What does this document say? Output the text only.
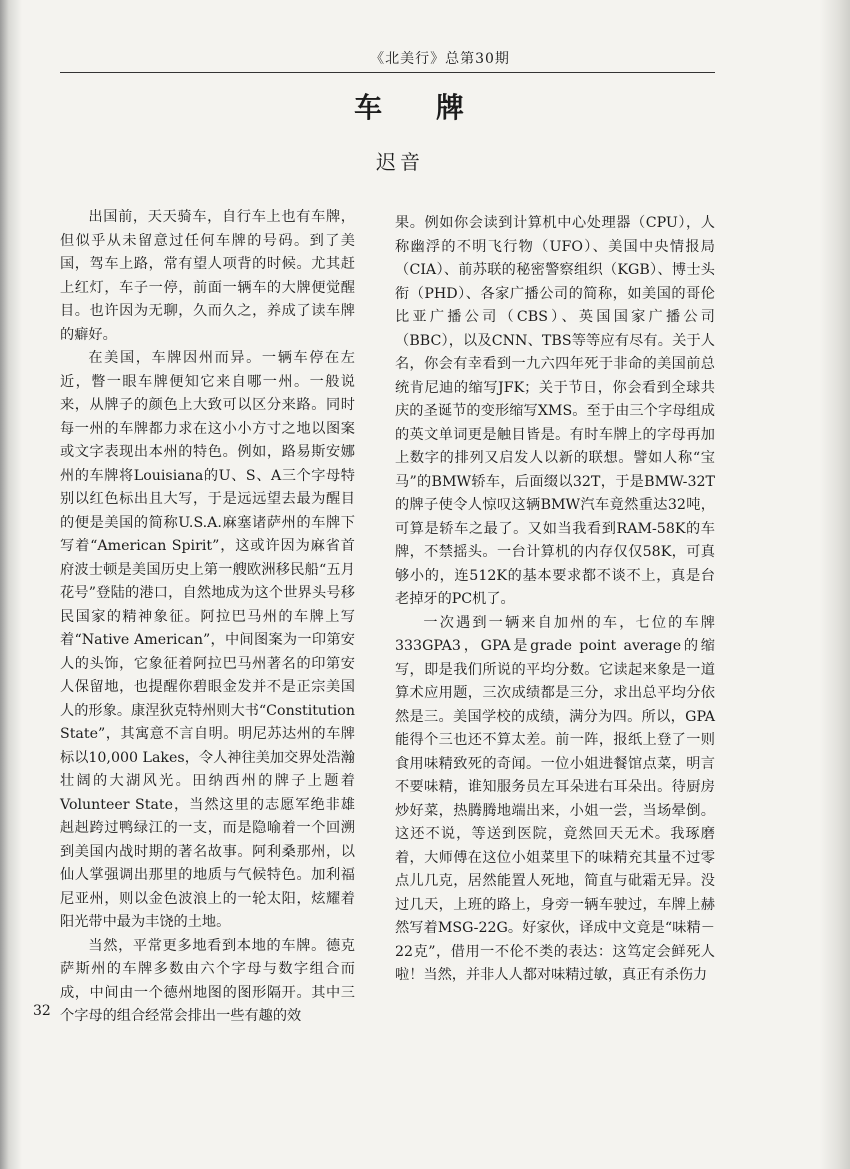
《北美行》总第30期
车 牌
迟音

出国前，天天骑车，自行车上也有车牌，但似乎从未留意过任何车牌的号码。到了美国，驾车上路，常有望人项背的时候。尤其赶上红灯，车子一停，前面一辆车的大牌便觉醒目。也许因为无聊，久而久之，养成了读车牌的癖好。

在美国，车牌因州而异。一辆车停在左近，瞥一眼车牌便知它来自哪一州。一般说来，从牌子的颜色上大致可以区分来路。同时每一州的车牌都力求在这小小方寸之地以图案或文字表现出本州的特色。例如，路易斯安娜州的车牌将Louisiana的U、S、A三个字母特别以红色标出且大写，于是远远望去最为醒目的便是美国的简称U.S.A.麻塞诸萨州的车牌下写着“American Spirit”，这或许因为麻省首府波士顿是美国历史上第一艘欧洲移民船“五月花号”登陆的港口，自然地成为这个世界头号移民国家的精神象征。阿拉巴马州的车牌上写着“Native American”，中间图案为一印第安人的头饰，它象征着阿拉巴马州著名的印第安人保留地，也提醒你碧眼金发并不是正宗美国人的形象。康涅狄克特州则大书“Constitution State”，其寓意不言自明。明尼苏达州的车牌标以10,000 Lakes，令人神往美加交界处浩瀚壮阔的大湖风光。田纳西州的牌子上题着Volunteer State，当然这里的志愿军绝非雄赳赳跨过鸭绿江的一支，而是隐喻着一个回溯到美国内战时期的著名故事。阿利桑那州，以仙人掌强调出那里的地质与气候特色。加利福尼亚州，则以金色波浪上的一轮太阳，炫耀着阳光带中最为丰饶的土地。

当然，平常更多地看到本地的车牌。德克萨斯州的车牌多数由六个字母与数字组合而成，中间由一个德州地图的图形隔开。其中三个字母的组合经常会排出一些有趣的效

果。例如你会读到计算机中心处理器（CPU），人称幽浮的不明飞行物（UFO）、美国中央情报局（CIA）、前苏联的秘密警察组织（KGB）、博士头衔（PHD）、各家广播公司的简称，如美国的哥伦比亚广播公司（CBS）、英国国家广播公司（BBC），以及CNN、TBS等等应有尽有。关于人名，你会有幸看到一九六四年死于非命的美国前总统肯尼迪的缩写JFK；关于节日，你会看到全球共庆的圣诞节的变形缩写XMS。至于由三个字母组成的英文单词更是触目皆是。有时车牌上的字母再加上数字的排列又启发人以新的联想。譬如人称“宝马”的BMW轿车，后面缀以32T，于是BMW-32T的牌子使令人惊叹这辆BMW汽车竟然重达32吨，可算是轿车之最了。又如当我看到RAM-58K的车牌，不禁摇头。一台计算机的内存仅仅58K，可真够小的，连512K的基本要求都不谈不上，真是台老掉牙的PC机了。

一次遇到一辆来自加州的车，七位的车牌333GPA3，GPA是grade point average的缩写，即是我们所说的平均分数。它读起来象是一道算术应用题，三次成绩都是三分，求出总平均分依然是三。美国学校的成绩，满分为四。所以，GPA能得个三也还不算太差。前一阵，报纸上登了一则食用味精致死的奇闻。一位小姐进餐馆点菜，明言不要味精，谁知服务员左耳朵进右耳朵出。待厨房炒好菜，热腾腾地端出来，小姐一尝，当场晕倒。这还不说，等送到医院，竟然回天无术。我琢磨着，大师傅在这位小姐菜里下的味精充其量不过零点儿几克，居然能置人死地，简直与砒霜无异。没过几天，上班的路上，身旁一辆车驶过，车牌上赫然写着MSG-22G。好家伙，译成中文竟是“味精－22克”，借用一不伦不类的表达：这笃定会鲜死人啦！当然，并非人人都对味精过敏，真正有杀伤力

32
